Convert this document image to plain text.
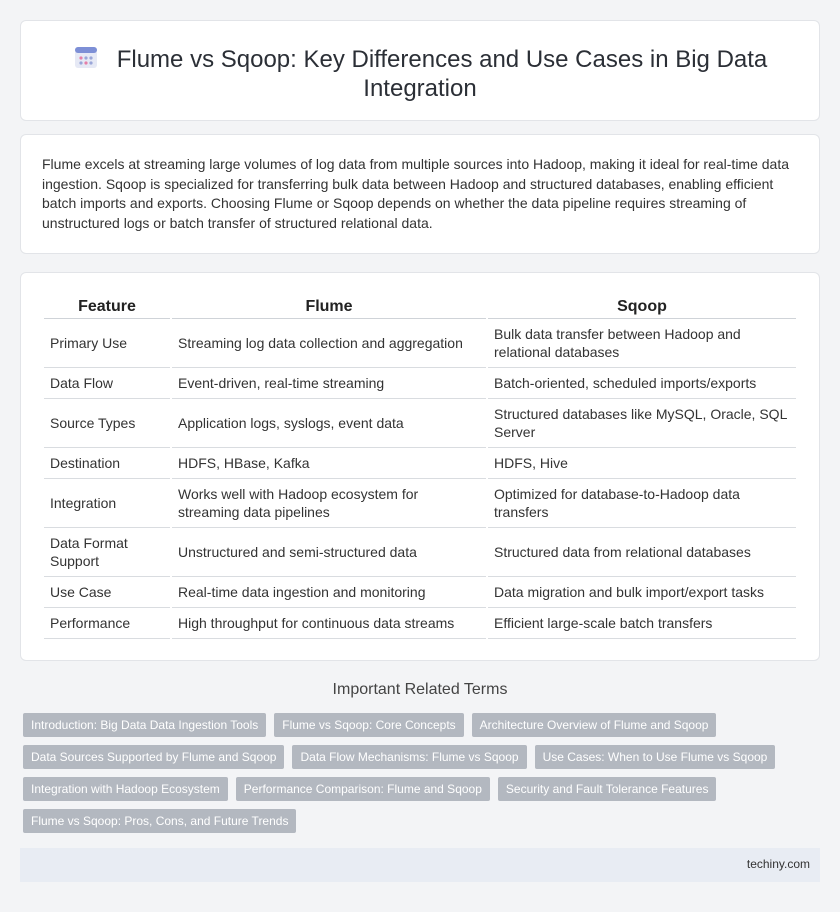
Flume vs Sqoop: Key Differences and Use Cases in Big Data Integration

Flume excels at streaming large volumes of log data from multiple sources into Hadoop, making it ideal for real-time data ingestion. Sqoop is specialized for transferring bulk data between Hadoop and structured databases, enabling efficient batch imports and exports. Choosing Flume or Sqoop depends on whether the data pipeline requires streaming of unstructured logs or batch transfer of structured relational data.

Feature	Flume	Sqoop
Primary Use	Streaming log data collection and aggregation	Bulk data transfer between Hadoop and relational databases
Data Flow	Event-driven, real-time streaming	Batch-oriented, scheduled imports/exports
Source Types	Application logs, syslogs, event data	Structured databases like MySQL, Oracle, SQL Server
Destination	HDFS, HBase, Kafka	HDFS, Hive
Integration	Works well with Hadoop ecosystem for streaming data pipelines	Optimized for database-to-Hadoop data transfers
Data Format Support	Unstructured and semi-structured data	Structured data from relational databases
Use Case	Real-time data ingestion and monitoring	Data migration and bulk import/export tasks
Performance	High throughput for continuous data streams	Efficient large-scale batch transfers
Important Related Terms
Introduction: Big Data Data Ingestion Tools	Flume vs Sqoop: Core Concepts	Architecture Overview of Flume and Sqoop
Data Sources Supported by Flume and Sqoop	Data Flow Mechanisms: Flume vs Sqoop	Use Cases: When to Use Flume vs Sqoop
Integration with Hadoop Ecosystem	Performance Comparison: Flume and Sqoop	Security and Fault Tolerance Features
Flume vs Sqoop: Pros, Cons, and Future Trends
techiny.com
